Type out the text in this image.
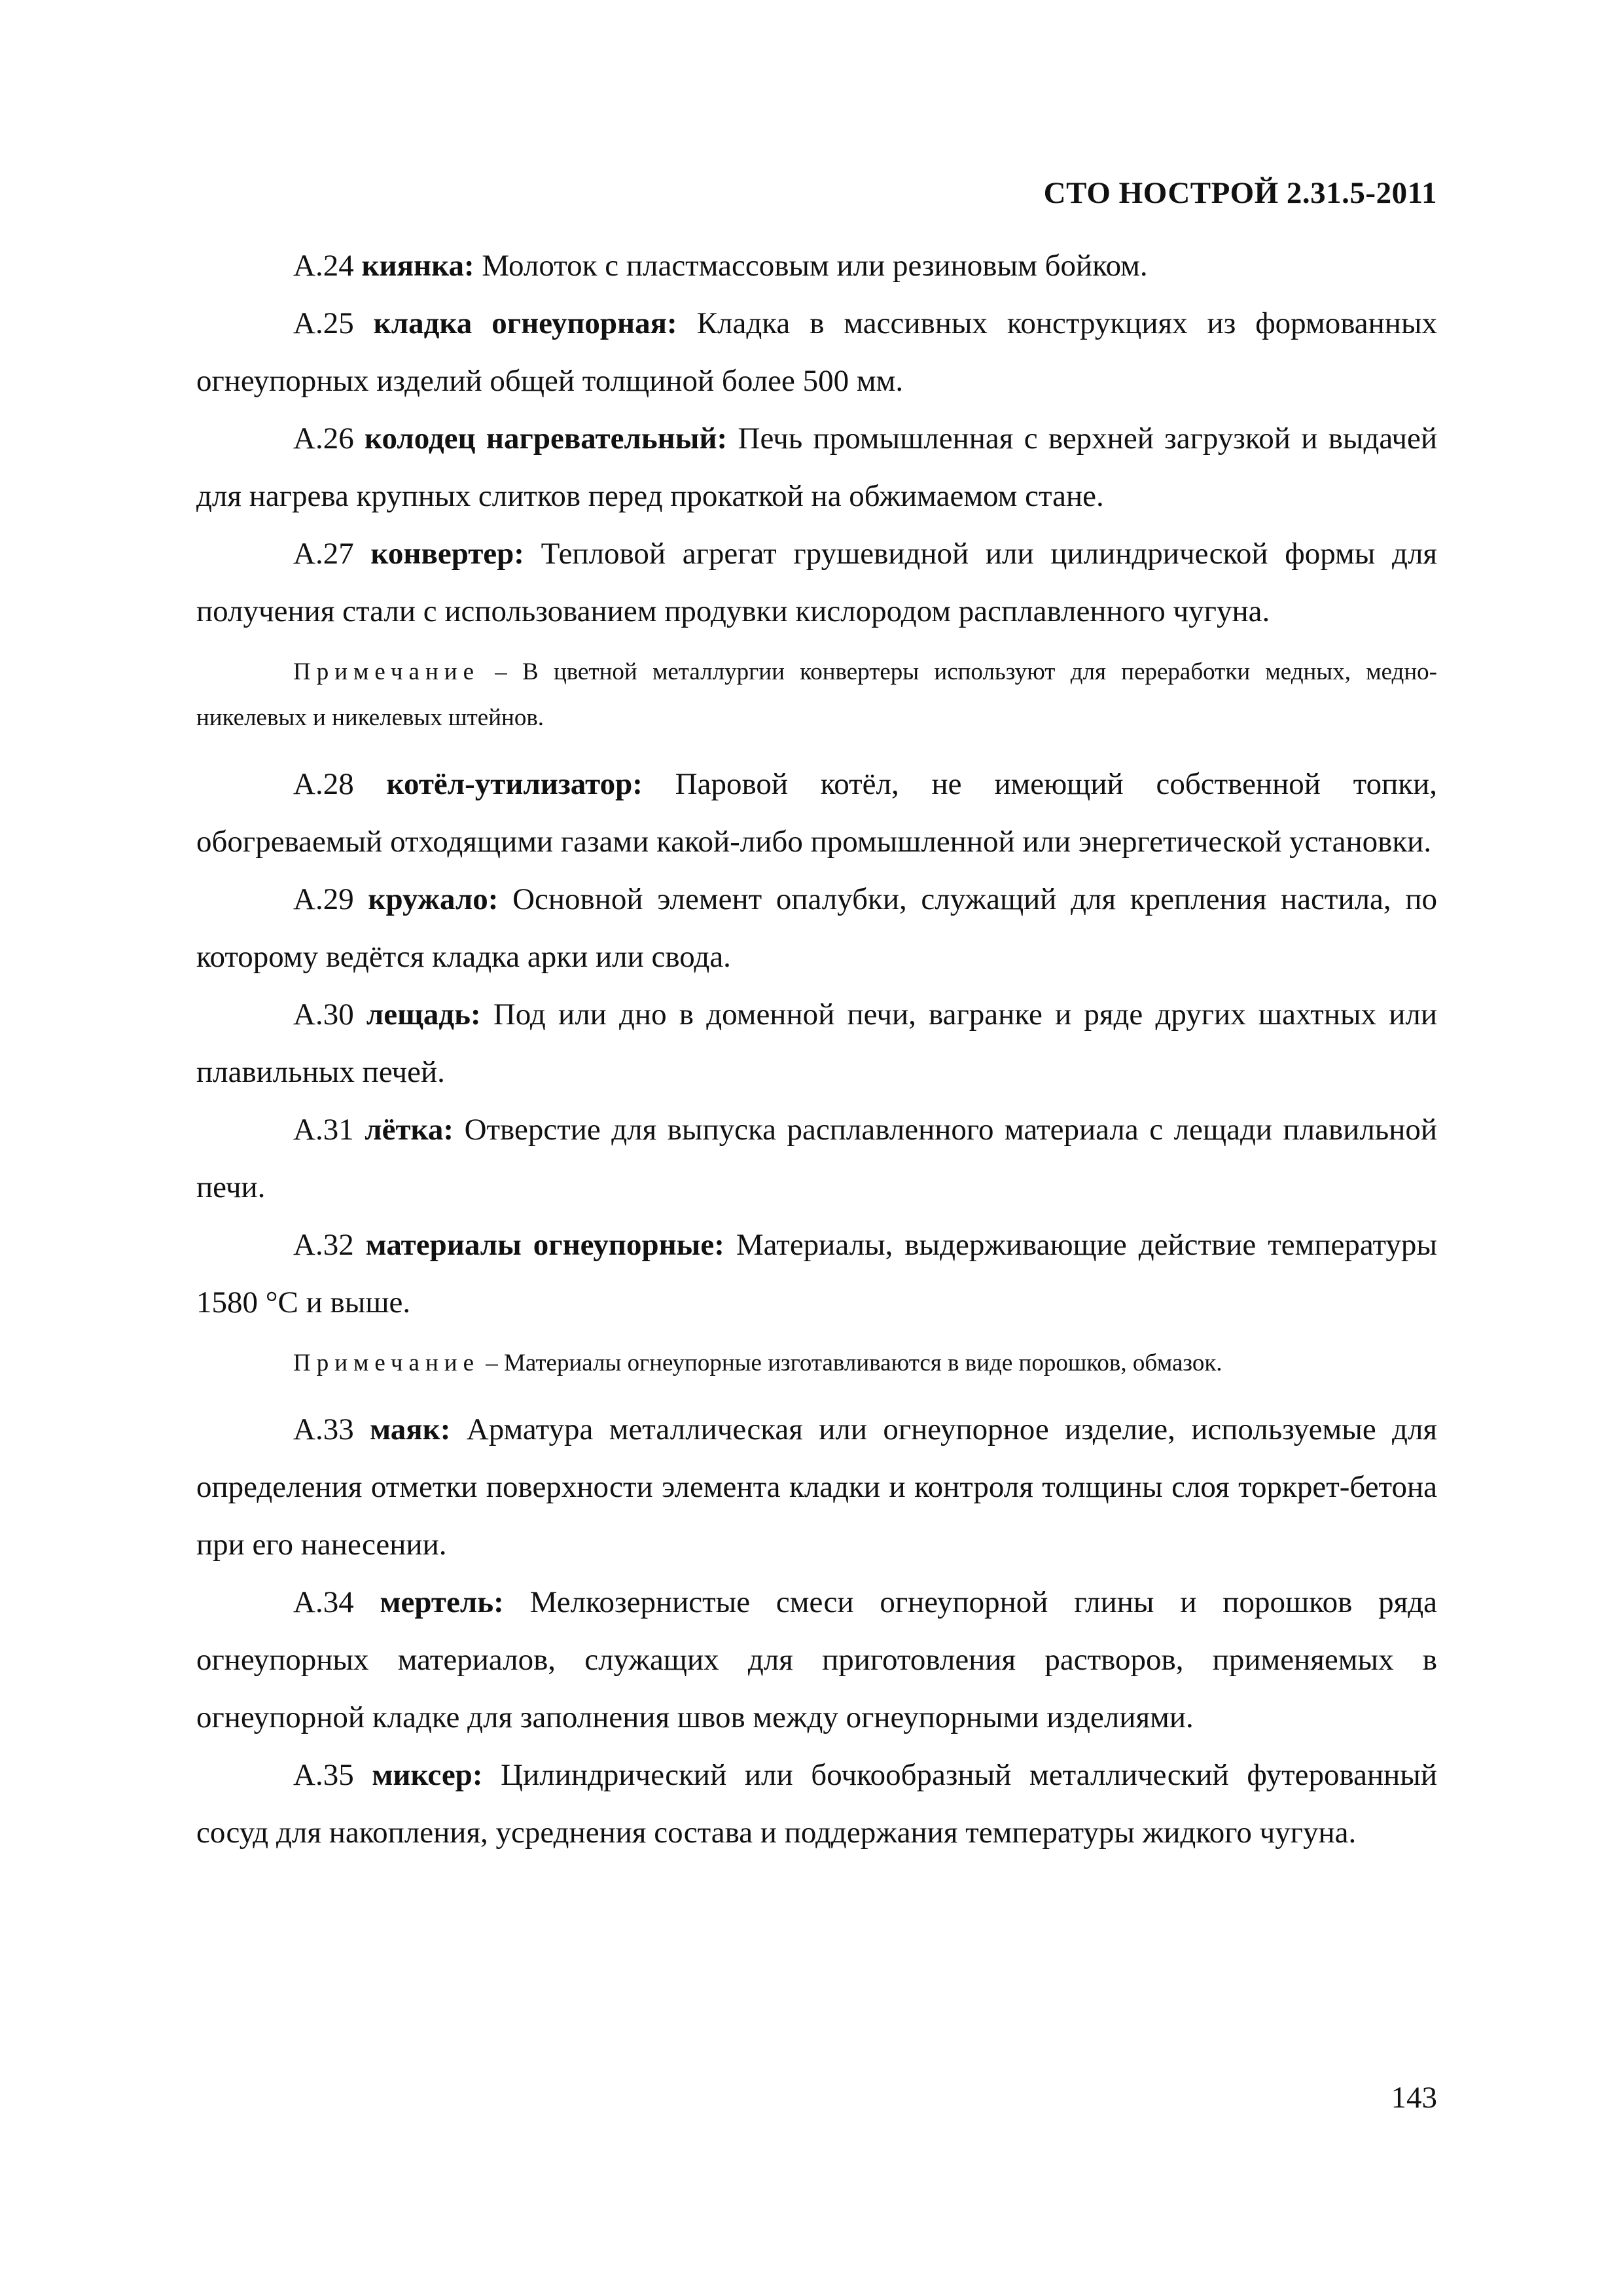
СТО НОСТРОЙ 2.31.5-2011

А.24 киянка: Молоток с пластмассовым или резиновым бойком.

А.25 кладка огнеупорная: Кладка в массивных конструкциях из формованных огнеупорных изделий общей толщиной более 500 мм.

А.26 колодец нагревательный: Печь промышленная с верхней загрузкой и выдачей для нагрева крупных слитков перед прокаткой на обжимаемом стане.

А.27 конвертер: Тепловой агрегат грушевидной или цилиндрической формы для получения стали с использованием продувки кислородом расплавленного чугуна.

Примечание – В цветной металлургии конвертеры используют для переработки медных, медно-никелевых и никелевых штейнов.

А.28 котёл-утилизатор: Паровой котёл, не имеющий собственной топки, обогреваемый отходящими газами какой-либо промышленной или энергетической установки.

А.29 кружало: Основной элемент опалубки, служащий для крепления настила, по которому ведётся кладка арки или свода.

А.30 лещадь: Под или дно в доменной печи, вагранке и ряде других шахтных или плавильных печей.

А.31 лётка: Отверстие для выпуска расплавленного материала с лещади плавильной печи.

А.32 материалы огнеупорные: Материалы, выдерживающие действие температуры 1580 °С и выше.

Примечание – Материалы огнеупорные изготавливаются в виде порошков, обмазок.

А.33 маяк: Арматура металлическая или огнеупорное изделие, используемые для определения отметки поверхности элемента кладки и контроля толщины слоя торкрет-бетона при его нанесении.

А.34 мертель: Мелкозернистые смеси огнеупорной глины и порошков ряда огнеупорных материалов, служащих для приготовления растворов, применяемых в огнеупорной кладке для заполнения швов между огнеупорными изделиями.

А.35 миксер: Цилиндрический или бочкообразный металлический футерованный сосуд для накопления, усреднения состава и поддержания температуры жидкого чугуна.

143
